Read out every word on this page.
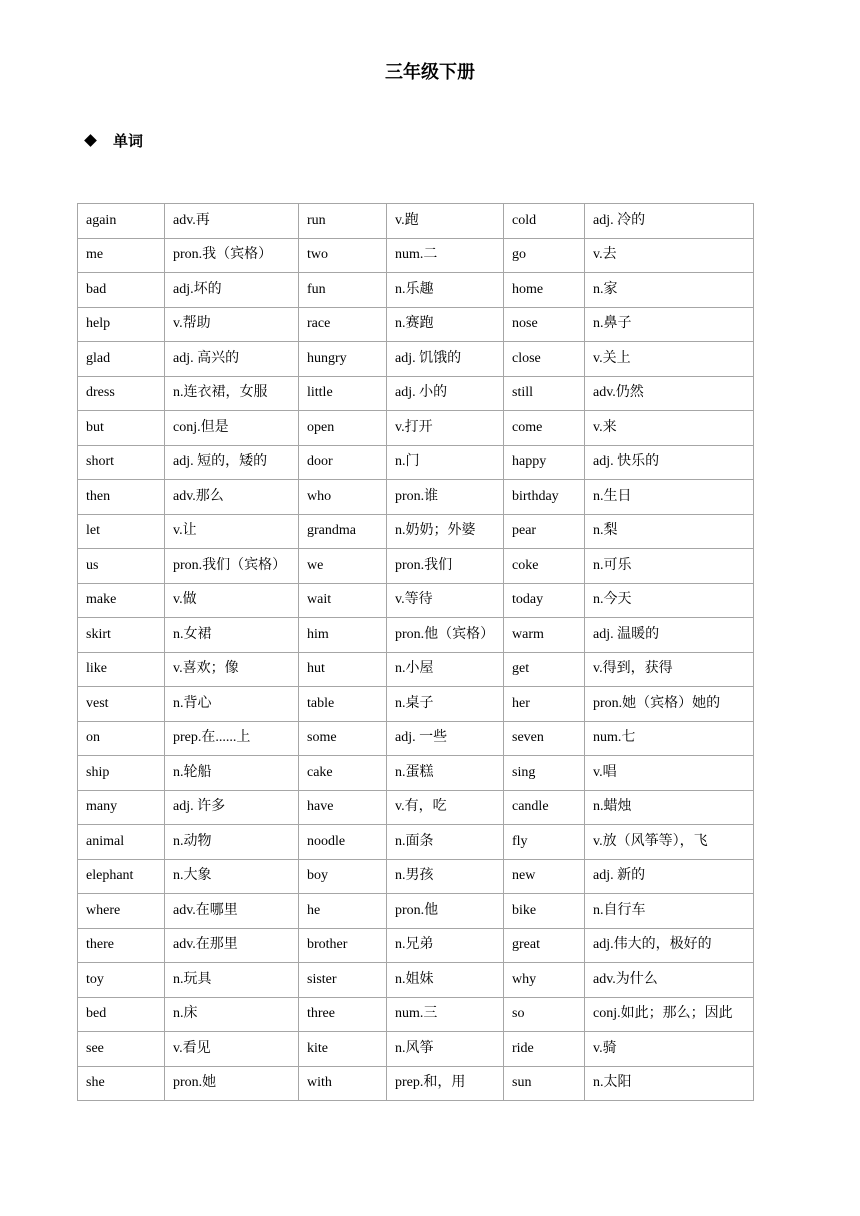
三年级下册
单词
again	adv.再	run	v.跑	cold	adj. 冷的
me	pron.我（宾格）	two	num.二	go	v.去
bad	adj.坏的	fun	n.乐趣	home	n.家
help	v.帮助	race	n.赛跑	nose	n.鼻子
glad	adj. 高兴的	hungry	adj. 饥饿的	close	v.关上
dress	n.连衣裙，女服	little	adj. 小的	still	adv.仍然
but	conj.但是	open	v.打开	come	v.来
short	adj. 短的，矮的	door	n.门	happy	adj. 快乐的
then	adv.那么	who	pron.谁	birthday	n.生日
let	v.让	grandma	n.奶奶；外婆	pear	n.梨
us	pron.我们（宾格）	we	pron.我们	coke	n.可乐
make	v.做	wait	v.等待	today	n.今天
skirt	n.女裙	him	pron.他（宾格）	warm	adj. 温暖的
like	v.喜欢；像	hut	n.小屋	get	v.得到，获得
vest	n.背心	table	n.桌子	her	pron.她（宾格）她的
on	prep.在......上	some	adj. 一些	seven	num.七
ship	n.轮船	cake	n.蛋糕	sing	v.唱
many	adj. 许多	have	v.有，吃	candle	n.蜡烛
animal	n.动物	noodle	n.面条	fly	v.放（风筝等），飞
elephant	n.大象	boy	n.男孩	new	adj. 新的
where	adv.在哪里	he	pron.他	bike	n.自行车
there	adv.在那里	brother	n.兄弟	great	adj.伟大的，极好的
toy	n.玩具	sister	n.姐妹	why	adv.为什么
bed	n.床	three	num.三	so	conj.如此；那么；因此
see	v.看见	kite	n.风筝	ride	v.骑
she	pron.她	with	prep.和，用	sun	n.太阳
